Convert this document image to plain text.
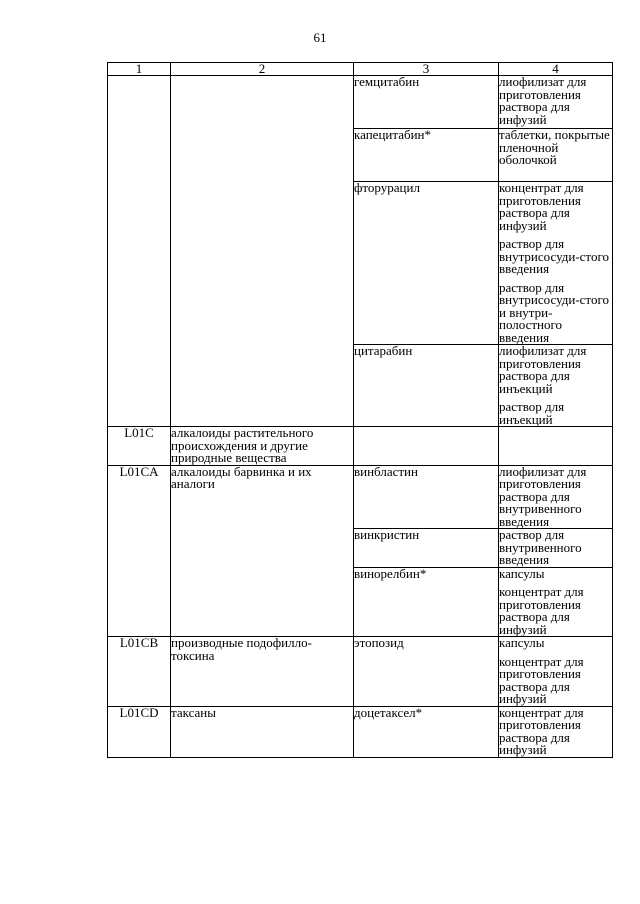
61
1	2	3	4
		гемцитабин	лиофилизат для приготовления раствора для инфузий

		капецитабин*	таблетки, покрытые пленочной оболочкой

		фторурацил	концентрат для приготовления раствора для инфузий
раствор для внутрисосуди-стого введения
раствор для внутрисосуди-стого и внутри-полостного введения

		цитарабин	лиофилизат для приготовления раствора для инъекций
раствор для инъекций

L01C	алкалоиды растительного происхождения и другие природные вещества		
L01CA	алкалоиды барвинка и их аналоги	винбластин	лиофилизат для приготовления раствора для внутривенного введения

		винкристин	раствор для внутривенного введения

		винорелбин*	капсулы
концентрат для приготовления раствора для инфузий

L01CB	производные подофилло-токсина	этопозид	капсулы
концентрат для приготовления раствора для инфузий

L01CD	таксаны	доцетаксел*	концентрат для приготовления раствора для инфузий
